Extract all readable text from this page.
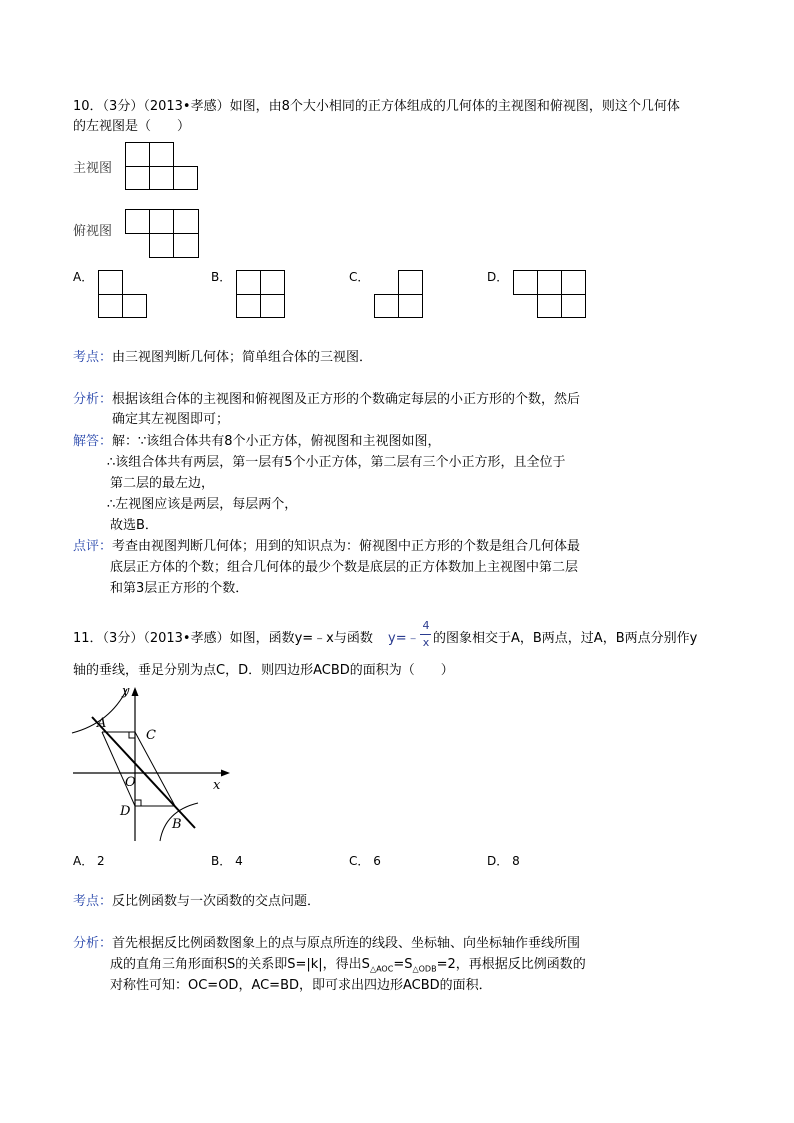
10．（3分）（2013•孝感）如图，由8个大小相同的正方体组成的几何体的主视图和俯视图，则这个几何体
的左视图是（　　）
主视图
俯视图
A．	B．	C．	D．
考点：由三视图判断几何体；简单组合体的三视图．
分析：根据该组合体的主视图和俯视图及正方形的个数确定每层的小正方形的个数，然后
确定其左视图即可；
解答：解：∵该组合体共有8个小正方体，俯视图和主视图如图，
∴该组合体共有两层，第一层有5个小正方体，第二层有三个小正方形，且全位于
第二层的最左边，
∴左视图应该是两层，每层两个，
故选B．
点评：考查由视图判断几何体；用到的知识点为：俯视图中正方形的个数是组合几何体最
底层正方体的个数；组合几何体的最少个数是底层的正方体数加上主视图中第二层
和第3层正方形的个数．
11．（3分）（2013•孝感）如图，函数y=﹣x与函数 y=﹣
4
x 的图象相交于A，B两点，过A，B两点分别作y
轴的垂线，垂足分别为点C，D．则四边形ACBD的面积为（　　）
y
x
A
C
O
D
B
A． 2	B． 4	C． 6	D． 8
考点：反比例函数与一次函数的交点问题．
分析：首先根据反比例函数图象上的点与原点所连的线段、坐标轴、向坐标轴作垂线所围
成的直角三角形面积S的关系即S=|k|，得出$S_{\triangle AOC}=S_{\triangle ODB}=2$，再根据反比例函数的
对称性可知：OC=OD，AC=BD，即可求出四边形ACBD的面积．
